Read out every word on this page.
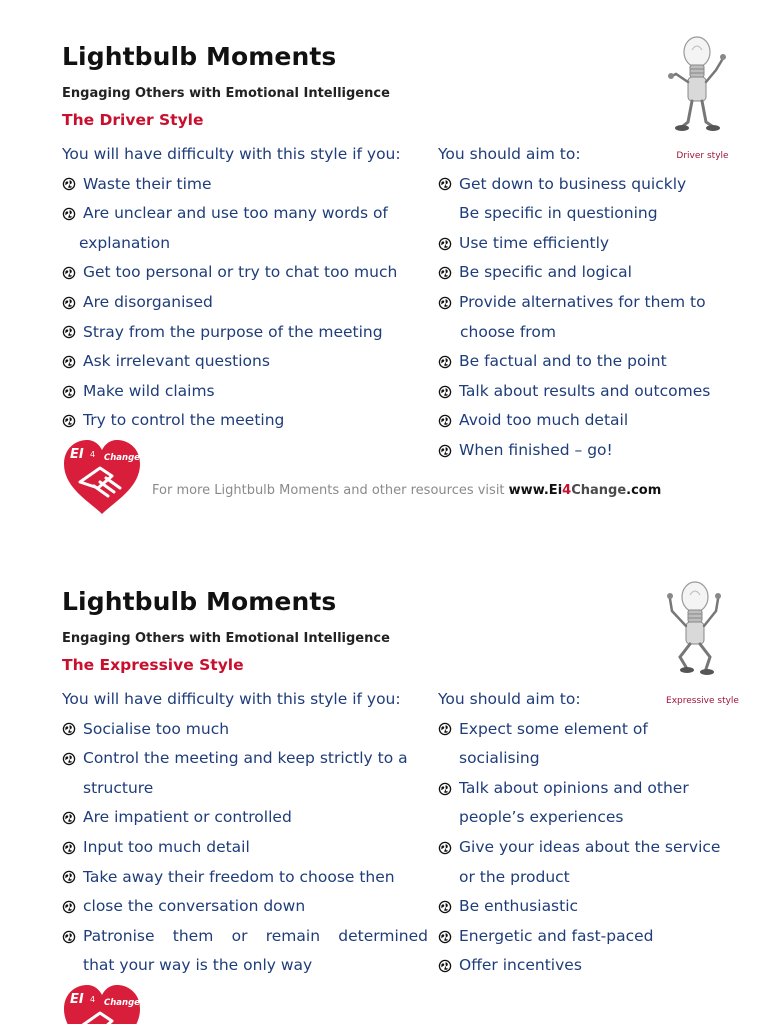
Lightbulb Moments
Engaging Others with Emotional Intelligence
The Driver Style
Driver style
You will have difficulty with this style if you:
Waste their time
Are unclear and use too many words of
explanation
Get too personal or try to chat too much
Are disorganised
Stray from the purpose of the meeting
Ask irrelevant questions
Make wild claims
Try to control the meeting
You should aim to:
Get down to business quickly
Be specific in questioning
Use time efficiently
Be specific and logical
Provide alternatives for them to
choose from
Be factual and to the point
Talk about results and outcomes
Avoid too much detail
When finished – go!
EI 4 Change
For more Lightbulb Moments and other resources visit www.Ei4Change.com
Lightbulb Moments
Engaging Others with Emotional Intelligence
The Expressive Style
Expressive style
You will have difficulty with this style if you:
Socialise too much
Control the meeting and keep strictly to a
structure
Are impatient or controlled
Input too much detail
Take away their freedom to choose then
close the conversation down
Patronise them or remain determined
that your way is the only way
You should aim to:
Expect some element of
socialising
Talk about opinions and other
people’s experiences
Give your ideas about the service
or the product
Be enthusiastic
Energetic and fast-paced
Offer incentives
EI 4 Change
